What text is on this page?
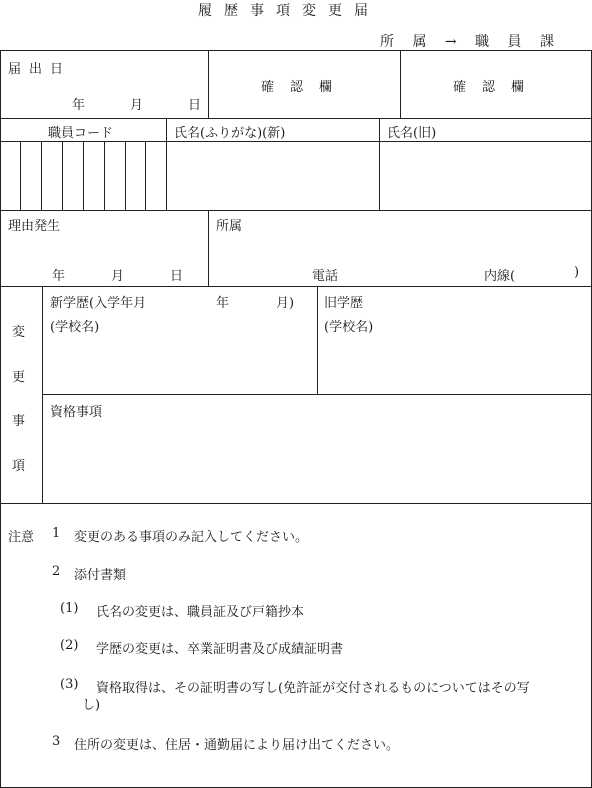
履歴事項変更届
所 属 → 職 員 課
届出日
年	月	日
確認欄	確認欄
職員コード	氏名(ふりがな)(新)	氏名(旧)
理由発生
年	月	日
所属
電話	内線(	)
変
更
事
項
新学歴(入学年月	年	月)
(学校名)
旧学歴
(学校名)
資格事項
注意 1 変更のある事項のみ記入してください。
2 添付書類
(1) 氏名の変更は、職員証及び戸籍抄本
(2) 学歴の変更は、卒業証明書及び成績証明書
(3) 資格取得は、その証明書の写し(免許証が交付されるものについてはその写
し)
3 住所の変更は、住居・通勤届により届け出てください。
